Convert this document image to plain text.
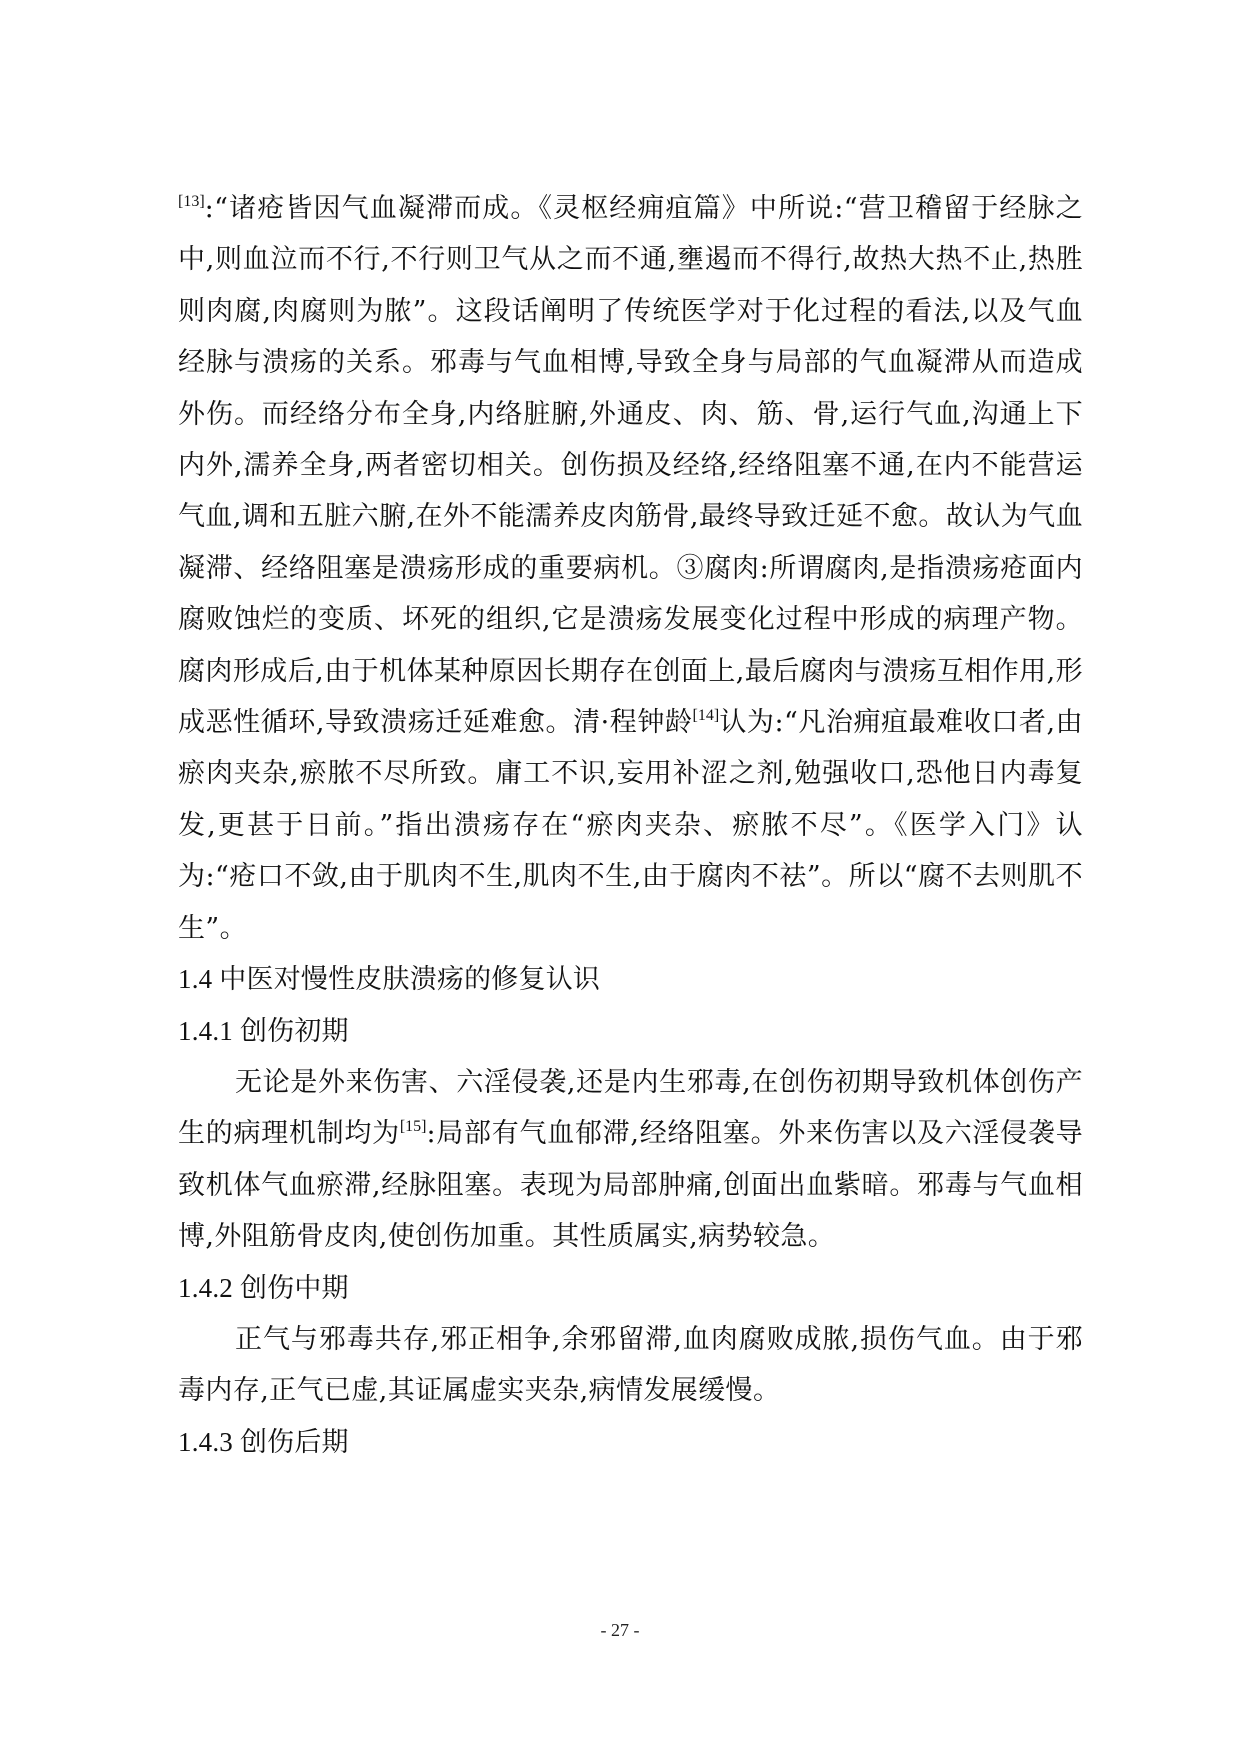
[13]:“诸疮皆因气血凝滞而成。《灵枢经痈疽篇》中所说:“营卫稽留于经脉之中,则血泣而不行,不行则卫气从之而不通,壅遏而不得行,故热大热不止,热胜则肉腐,肉腐则为脓”。这段话阐明了传统医学对于化过程的看法,以及气血经脉与溃疡的关系。邪毒与气血相博,导致全身与局部的气血凝滞从而造成外伤。而经络分布全身,内络脏腑,外通皮、肉、筋、骨,运行气血,沟通上下内外,濡养全身,两者密切相关。创伤损及经络,经络阻塞不通,在内不能营运气血,调和五脏六腑,在外不能濡养皮肉筋骨,最终导致迁延不愈。故认为气血凝滞、经络阻塞是溃疡形成的重要病机。③腐肉:所谓腐肉,是指溃疡疮面内腐败蚀烂的变质、坏死的组织,它是溃疡发展变化过程中形成的病理产物。腐肉形成后,由于机体某种原因长期存在创面上,最后腐肉与溃疡互相作用,形成恶性循环,导致溃疡迁延难愈。清·程钟龄[14]认为:“凡治痈疽最难收口者,由瘀肉夹杂,瘀脓不尽所致。庸工不识,妄用补涩之剂,勉强收口,恐他日内毒复发,更甚于日前。”指出溃疡存在“瘀肉夹杂、瘀脓不尽”。《医学入门》认为:“疮口不敛,由于肌肉不生,肌肉不生,由于腐肉不祛”。所以“腐不去则肌不生”。

1.4 中医对慢性皮肤溃疡的修复认识
1.4.1 创伤初期

无论是外来伤害、六淫侵袭,还是内生邪毒,在创伤初期导致机体创伤产生的病理机制均为[15]:局部有气血郁滞,经络阻塞。外来伤害以及六淫侵袭导致机体气血瘀滞,经脉阻塞。表现为局部肿痛,创面出血紫暗。邪毒与气血相博,外阻筋骨皮肉,使创伤加重。其性质属实,病势较急。

1.4.2 创伤中期

正气与邪毒共存,邪正相争,余邪留滞,血肉腐败成脓,损伤气血。由于邪毒内存,正气已虚,其证属虚实夹杂,病情发展缓慢。

1.4.3 创伤后期
- 27 -
